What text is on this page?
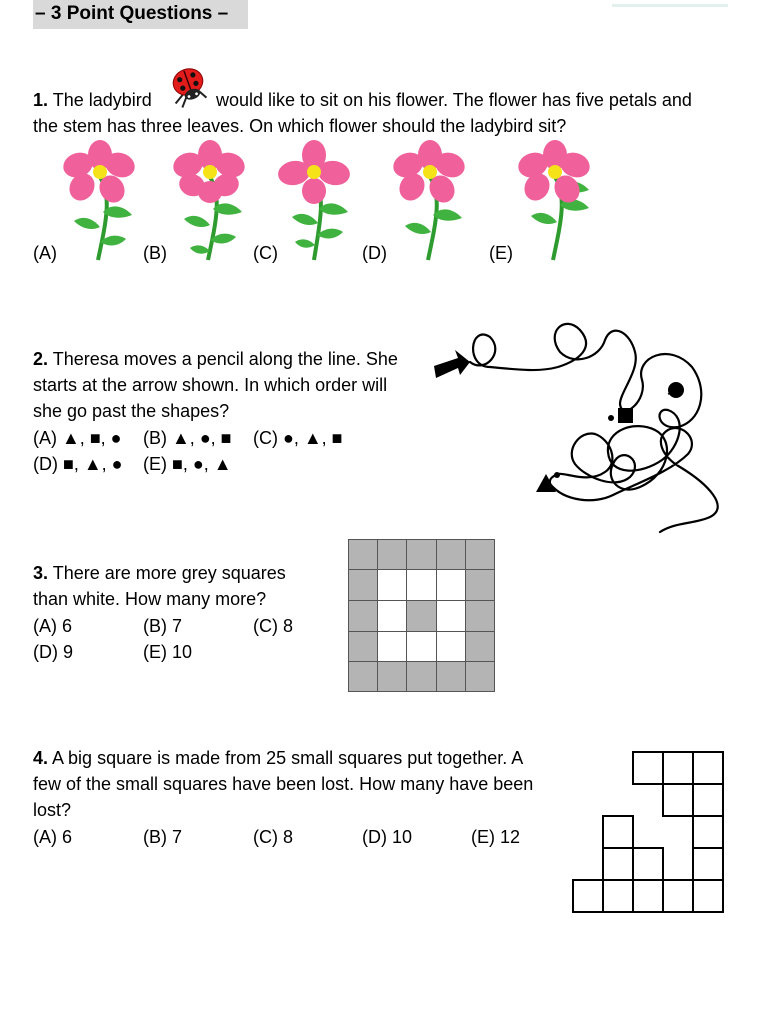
– 3 Point Questions –
1. The ladybird	would like to sit on his flower. The flower has five petals and
the stem has three leaves. On which flower should the ladybird sit?
(A)	(B)	(C)	(D)	(E)
2. Theresa moves a pencil along the line. She
starts at the arrow shown. In which order will
she go past the shapes?
(A) ▲, ■, ● (B) ▲, ●, ■ (C) ●, ▲, ■
(D) ■, ▲, ● (E) ■, ●, ▲
3. There are more grey squares
than white. How many more?
(A) 6	(B) 7	(C) 8
(D) 9	(E) 10
4. A big square is made from 25 small squares put together. A
few of the small squares have been lost. How many have been
lost?
(A) 6	(B) 7	(C) 8	(D) 10	(E) 12
